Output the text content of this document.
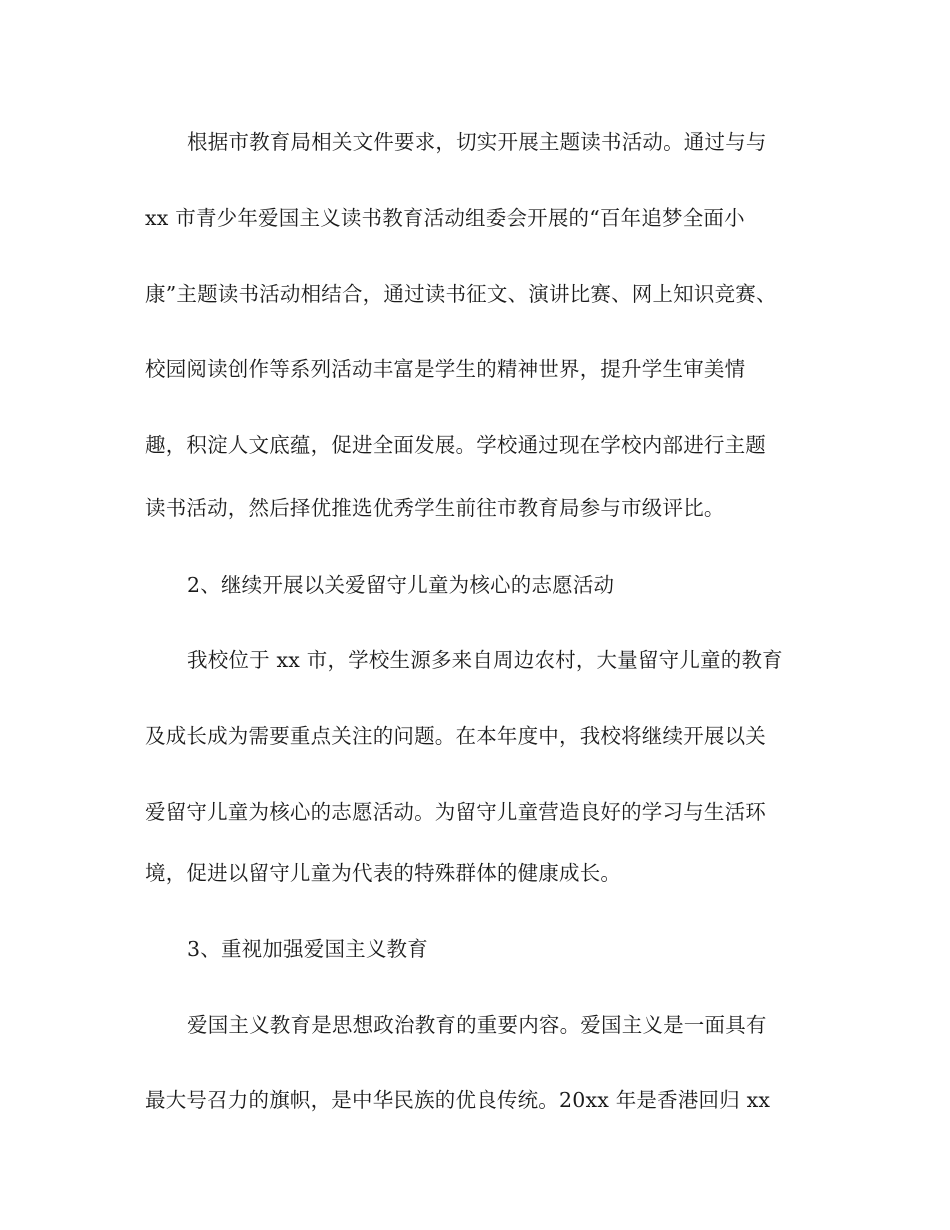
根据市教育局相关文件要求，切实开展主题读书活动。通过与与
xx 市青少年爱国主义读书教育活动组委会开展的“百年追梦全面小
康”主题读书活动相结合，通过读书征文、演讲比赛、网上知识竞赛、
校园阅读创作等系列活动丰富是学生的精神世界，提升学生审美情
趣，积淀人文底蕴，促进全面发展。学校通过现在学校内部进行主题
读书活动，然后择优推选优秀学生前往市教育局参与市级评比。
2、继续开展以关爱留守儿童为核心的志愿活动
我校位于 xx 市，学校生源多来自周边农村，大量留守儿童的教育
及成长成为需要重点关注的问题。在本年度中，我校将继续开展以关
爱留守儿童为核心的志愿活动。为留守儿童营造良好的学习与生活环
境，促进以留守儿童为代表的特殊群体的健康成长。
3、重视加强爱国主义教育
爱国主义教育是思想政治教育的重要内容。爱国主义是一面具有
最大号召力的旗帜，是中华民族的优良传统。20xx 年是香港回归 xx
